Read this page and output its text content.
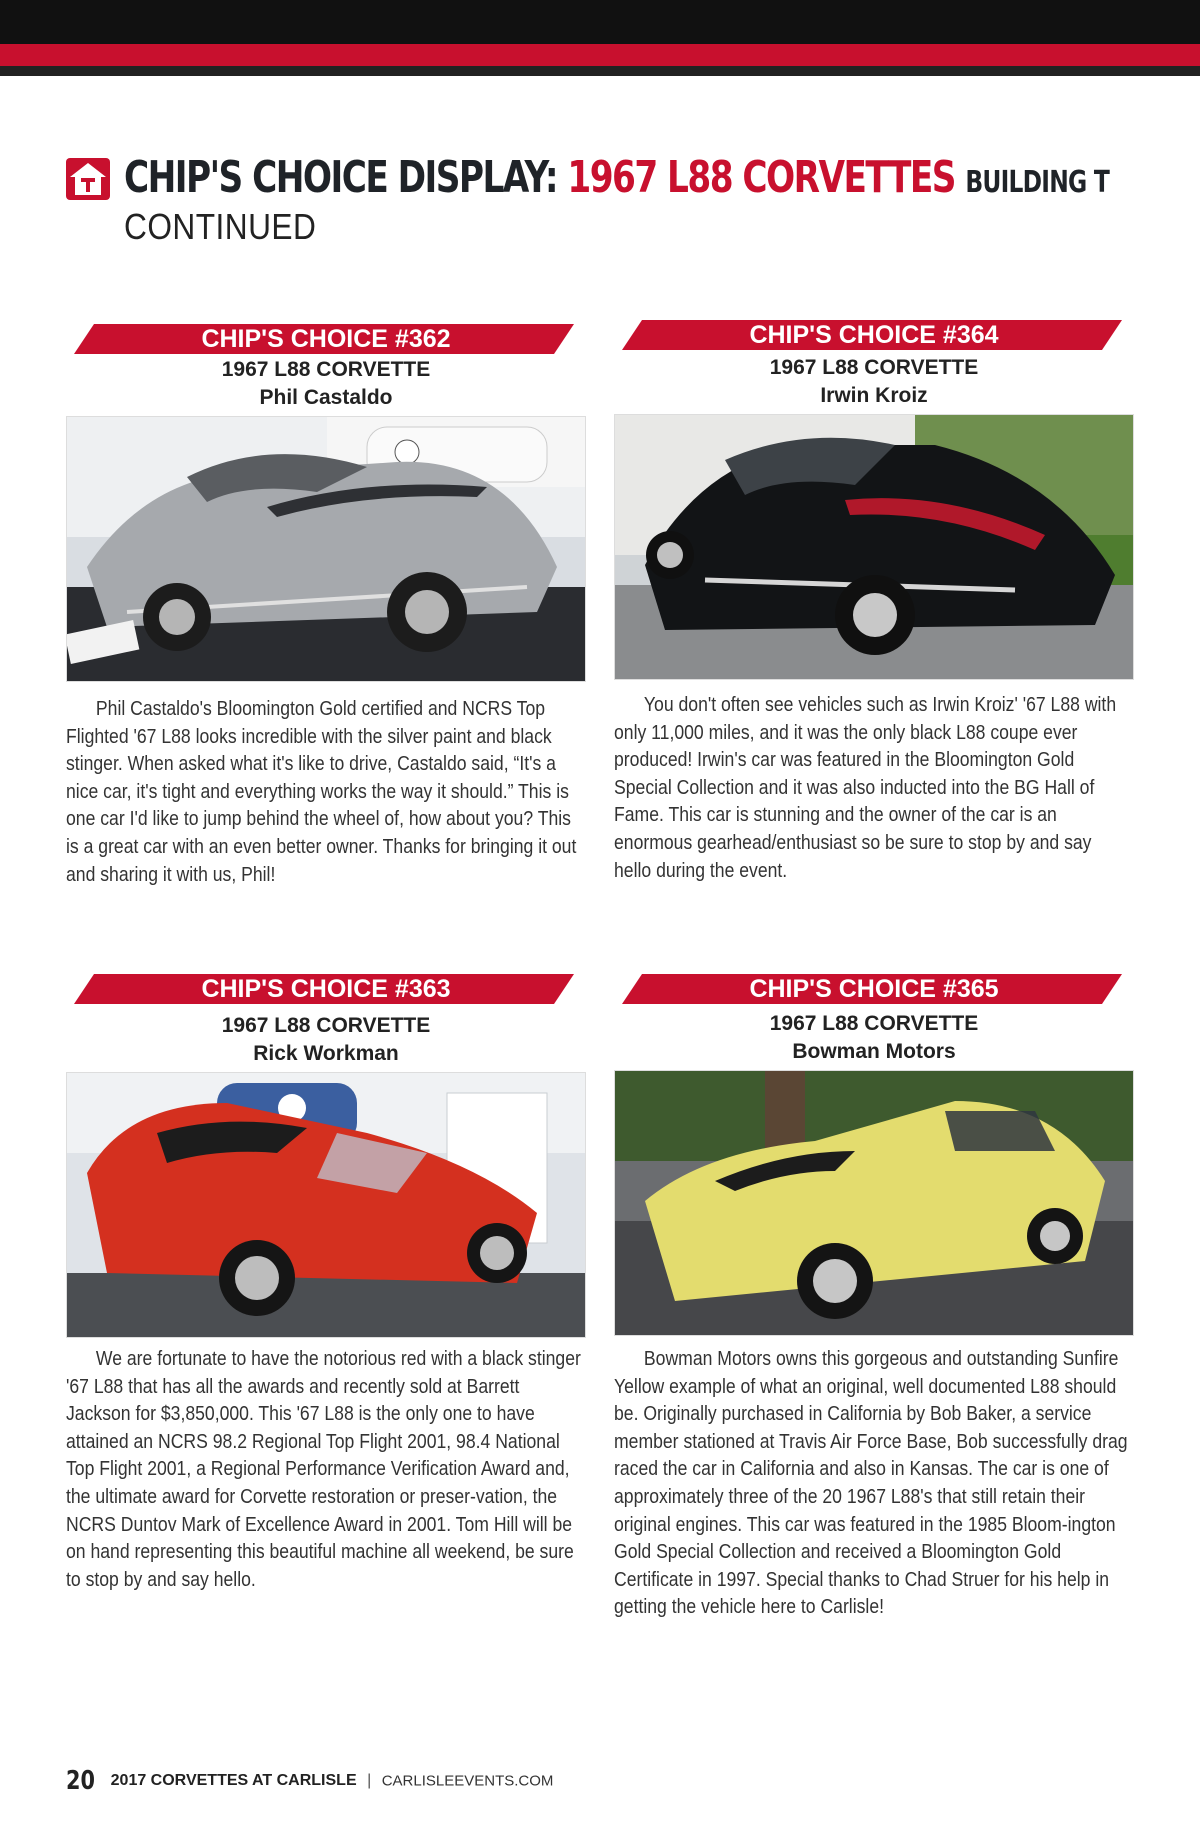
CHIP'S CHOICE DISPLAY: 1967 L88 CORVETTES BUILDING T
CONTINUED
CHIP'S CHOICE #362
1967 L88 CORVETTE
Phil Castaldo

Phil Castaldo's Bloomington Gold certified and NCRS Top Flighted '67 L88 looks incredible with the silver paint and black stinger. When asked what it's like to drive, Castaldo said, “It's a nice car, it's tight and everything works the way it should.” This is one car I'd like to jump behind the wheel of, how about you? This is a great car with an even better owner. Thanks for bringing it out and sharing it with us, Phil!

CHIP'S CHOICE #364
1967 L88 CORVETTE
Irwin Kroiz

You don't often see vehicles such as Irwin Kroiz' '67 L88 with only 11,000 miles, and it was the only black L88 coupe ever produced! Irwin's car was featured in the Bloomington Gold Special Collection and it was also inducted into the BG Hall of Fame. This car is stunning and the owner of the car is an enormous gearhead/enthusiast so be sure to stop by and say hello during the event.

CHIP'S CHOICE #363
1967 L88 CORVETTE
Rick Workman

We are fortunate to have the notorious red with a black stinger '67 L88 that has all the awards and recently sold at Barrett Jackson for $3,850,000. This '67 L88 is the only one to have attained an NCRS 98.2 Regional Top Flight 2001, 98.4 National Top Flight 2001, a Regional Performance Verification Award and, the ultimate award for Corvette restoration or preser-vation, the NCRS Duntov Mark of Excellence Award in 2001. Tom Hill will be on hand representing this beautiful machine all weekend, be sure to stop by and say hello.

CHIP'S CHOICE #365
1967 L88 CORVETTE
Bowman Motors

Bowman Motors owns this gorgeous and outstanding Sunfire Yellow example of what an original, well documented L88 should be. Originally purchased in California by Bob Baker, a service member stationed at Travis Air Force Base, Bob successfully drag raced the car in California and also in Kansas. The car is one of approximately three of the 20 1967 L88's that still retain their original engines. This car was featured in the 1985 Bloom-ington Gold Special Collection and received a Bloomington Gold Certificate in 1997. Special thanks to Chad Struer for his help in getting the vehicle here to Carlisle!

20 2017 CORVETTES AT CARLISLE | CARLISLEEVENTS.COM
